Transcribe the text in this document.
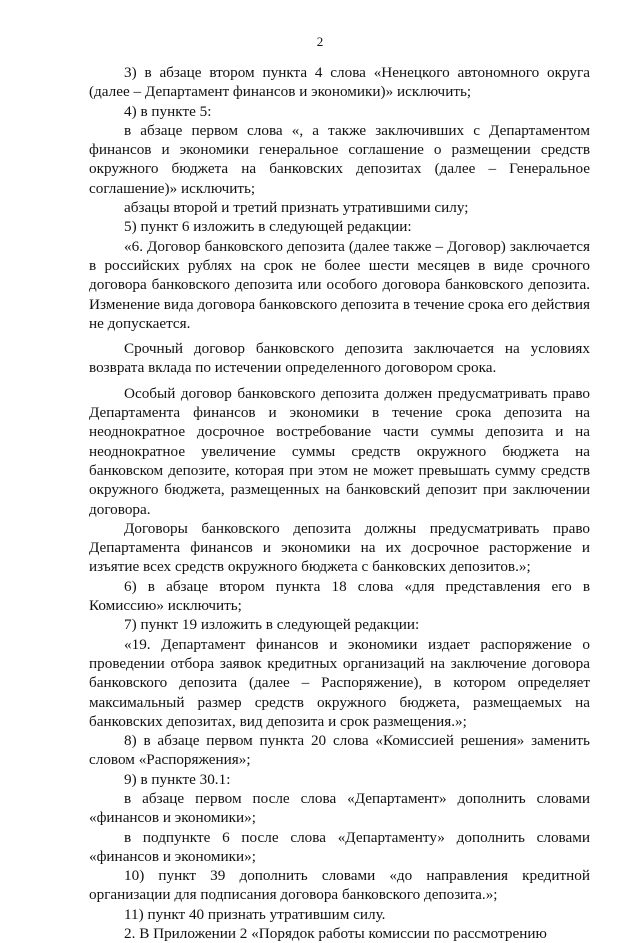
2

3) в абзаце втором пункта 4 слова «Ненецкого автономного округа (далее – Департамент финансов и экономики)» исключить;

4) в пункте 5:

в абзаце первом слова «, а также заключивших с Департаментом финансов и экономики генеральное соглашение о размещении средств окружного бюджета на банковских депозитах (далее – Генеральное соглашение)» исключить;

абзацы второй и третий признать утратившими силу;

5) пункт 6 изложить в следующей редакции:

«6. Договор банковского депозита (далее также – Договор) заключается в российских рублях на срок не более шести месяцев в виде срочного договора банковского депозита или особого договора банковского депозита. Изменение вида договора банковского депозита в течение срока его действия не допускается.

Срочный договор банковского депозита заключается на условиях возврата вклада по истечении определенного договором срока.

Особый договор банковского депозита должен предусматривать право Департамента финансов и экономики в течение срока депозита на неоднократное досрочное востребование части суммы депозита и на неоднократное увеличение суммы средств окружного бюджета на банковском депозите, которая при этом не может превышать сумму средств окружного бюджета, размещенных на банковский депозит при заключении договора.

Договоры банковского депозита должны предусматривать право Департамента финансов и экономики на их досрочное расторжение и изъятие всех средств окружного бюджета с банковских депозитов.»;

6) в абзаце втором пункта 18 слова «для представления его в Комиссию» исключить;

7) пункт 19 изложить в следующей редакции:

«19. Департамент финансов и экономики издает распоряжение о проведении отбора заявок кредитных организаций на заключение договора банковского депозита (далее – Распоряжение), в котором определяет максимальный размер средств окружного бюджета, размещаемых на банковских депозитах, вид депозита и срок размещения.»;

8) в абзаце первом пункта 20 слова «Комиссией решения» заменить словом «Распоряжения»;

9) в пункте 30.1:

в абзаце первом после слова «Департамент» дополнить словами «финансов и экономики»;

в подпункте 6 после слова «Департаменту» дополнить словами «финансов и экономики»;

10) пункт 39 дополнить словами «до направления кредитной организации для подписания договора банковского депозита.»;

11) пункт 40 признать утратившим силу.

2. В Приложении 2 «Порядок работы комиссии по рассмотрению
